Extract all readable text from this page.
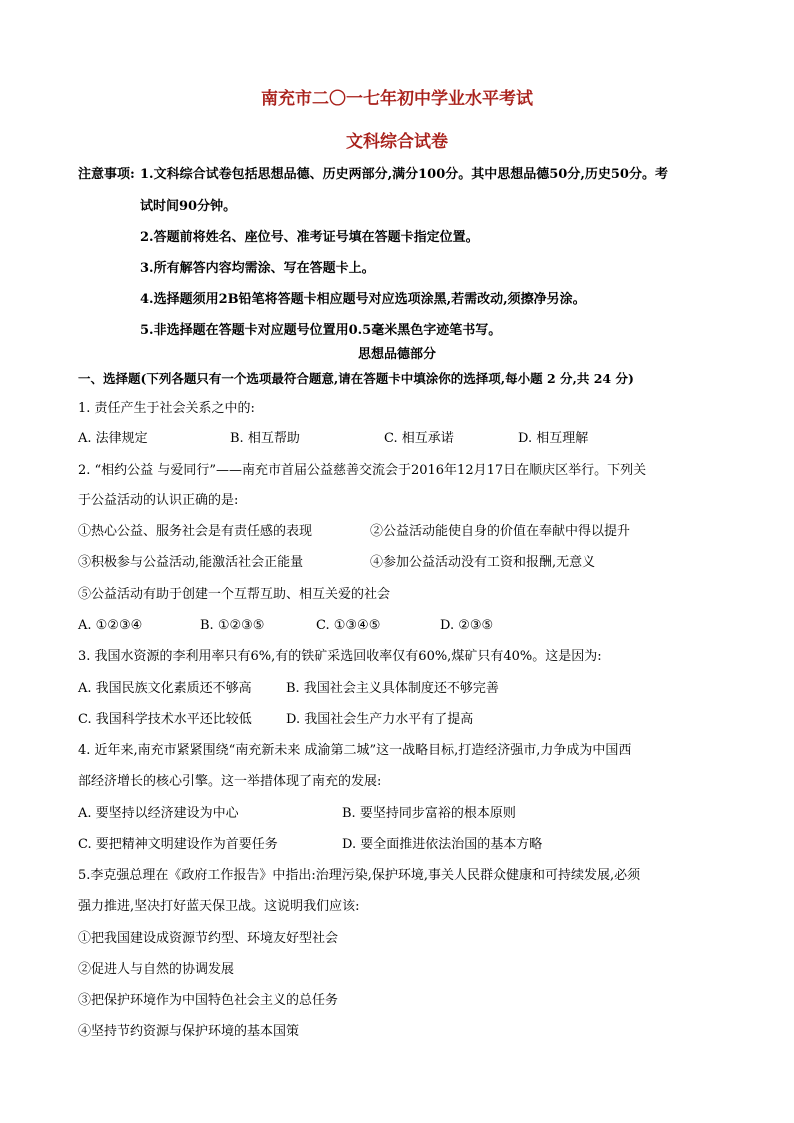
南充市二〇一七年初中学业水平考试
文科综合试卷
注意事项: 1.文科综合试卷包括思想品德、历史两部分,满分100分。其中思想品德50分,历史50分。考
试时间90分钟。
2.答题前将姓名、座位号、准考证号填在答题卡指定位置。
3.所有解答内容均需涂、写在答题卡上。
4.选择题须用2B铅笔将答题卡相应题号对应选项涂黑,若需改动,须擦净另涂。
5.非选择题在答题卡对应题号位置用0.5毫米黑色字迹笔书写。
思想品德部分
一、选择题(下列各题只有一个选项最符合题意,请在答题卡中填涂你的选择项,每小题 2 分,共 24 分)
1. 责任产生于社会关系之中的:
A. 法律规定	B. 相互帮助	C. 相互承诺	D. 相互理解
2. “相约公益 与爱同行”——南充市首届公益慈善交流会于2016年12月17日在顺庆区举行。下列关
于公益活动的认识正确的是:
①热心公益、服务社会是有责任感的表现	②公益活动能使自身的价值在奉献中得以提升
③积极参与公益活动,能激活社会正能量	④参加公益活动没有工资和报酬,无意义
⑤公益活动有助于创建一个互帮互助、相互关爱的社会
A. ①②③④	B. ①②③⑤	C. ①③④⑤	D. ②③⑤
3. 我国水资源的李利用率只有6%,有的铁矿采选回收率仅有60%,煤矿只有40%。这是因为:
A. 我国民族文化素质还不够高	B. 我国社会主义具体制度还不够完善
C. 我国科学技术水平还比较低	D. 我国社会生产力水平有了提高
4. 近年来,南充市紧紧围绕“南充新未来 成渝第二城”这一战略目标,打造经济强市,力争成为中国西
部经济增长的核心引擎。这一举措体现了南充的发展:
A. 要坚持以经济建设为中心	B. 要坚持同步富裕的根本原则
C. 要把精神文明建设作为首要任务	D. 要全面推进依法治国的基本方略
5.李克强总理在《政府工作报告》中指出:治理污染,保护环境,事关人民群众健康和可持续发展,必须
强力推进,坚决打好蓝天保卫战。这说明我们应该:
①把我国建设成资源节约型、环境友好型社会
②促进人与自然的协调发展
③把保护环境作为中国特色社会主义的总任务
④坚持节约资源与保护环境的基本国策
